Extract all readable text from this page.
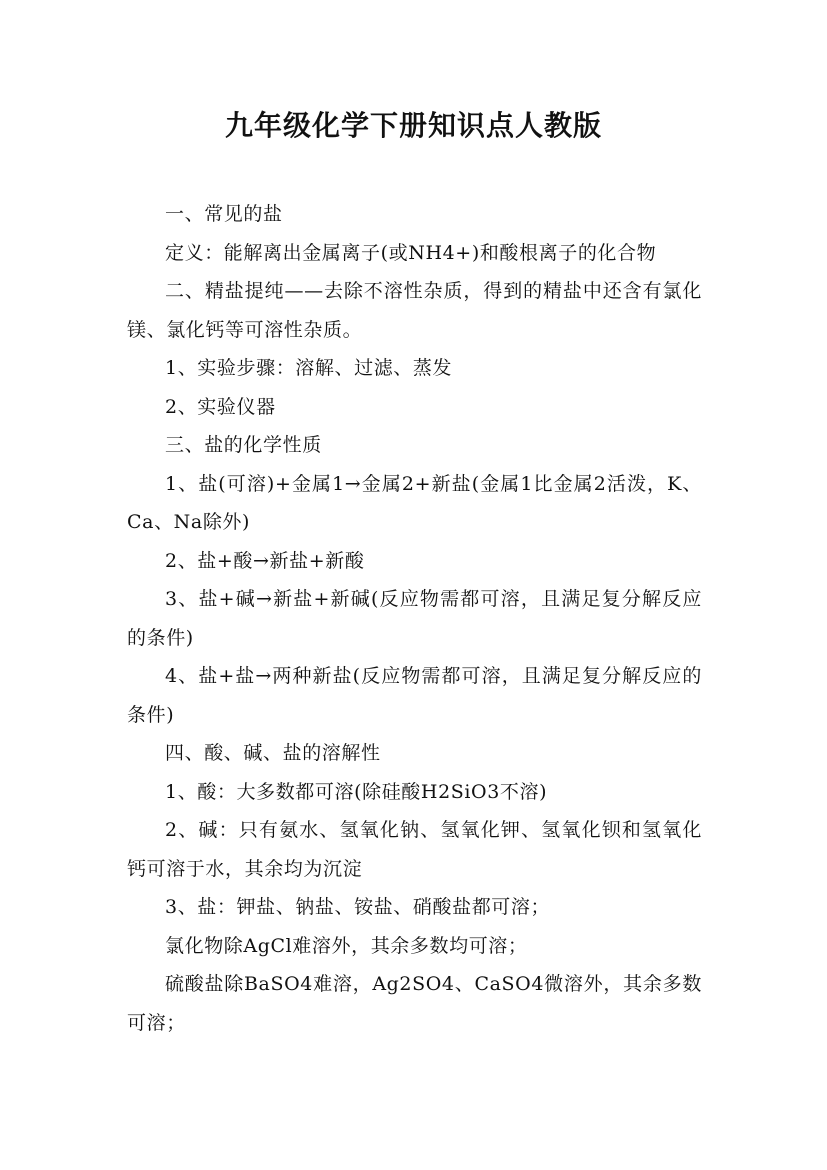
九年级化学下册知识点人教版

一、常见的盐

定义：能解离出金属离子(或NH4+)和酸根离子的化合物

二、精盐提纯——去除不溶性杂质，得到的精盐中还含有氯化镁、氯化钙等可溶性杂质。

1、实验步骤：溶解、过滤、蒸发

2、实验仪器

三、盐的化学性质

1、盐(可溶)+金属1→金属2+新盐(金属1比金属2活泼，K、Ca、Na除外)

2、盐+酸→新盐+新酸

3、盐+碱→新盐+新碱(反应物需都可溶，且满足复分解反应的条件)

4、盐+盐→两种新盐(反应物需都可溶，且满足复分解反应的条件)

四、酸、碱、盐的溶解性

1、酸：大多数都可溶(除硅酸H2SiO3不溶)

2、碱：只有氨水、氢氧化钠、氢氧化钾、氢氧化钡和氢氧化钙可溶于水，其余均为沉淀

3、盐：钾盐、钠盐、铵盐、硝酸盐都可溶；

氯化物除AgCl难溶外，其余多数均可溶；

硫酸盐除BaSO4难溶，Ag2SO4、CaSO4微溶外，其余多数可溶；
